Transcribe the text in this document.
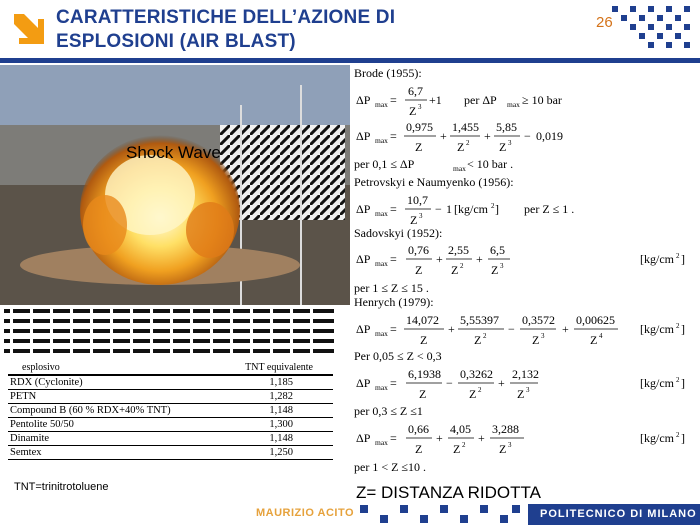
CARATTERISTICHE DELL’AZIONE DI
ESPLOSIONI (AIR BLAST)
26
Shock Wave
esplosivo	TNT equivalente
RDX (Cyclonite)	1,185
PETN	1,282
Compound B (60 % RDX+40% TNT)	1,148
Pentolite 50/50	1,300
Dinamite	1,148
Semtex	1,250
TNT=trinitrotoluene
Brode (1955):
ΔP max =
6,7
Z 3 +1 per ΔP max ≥ 10 bar
ΔP max =
0,975
Z
+
1,455
Z 2 +
5,85
Z 3 − 0,019
per 0,1 ≤ ΔP	max < 10 bar .
Petrovskyi e Naumyenko (1956):
ΔP max =
10,7
Z 3 − 1 [kg/cm 2 ] per Z ≤ 1 .
Sadovskyi (1952):
ΔP max =
0,76
Z
+
2,55
Z 2 +
6,5
Z 3	[kg/cm 2 ]
per 1 ≤ Z ≤ 15 .
Henrych (1979):
ΔP max =
14,072
Z
+
5,55397
Z 2 −
0,3572
Z 3 +
0,00625
Z 4	[kg/cm 2 ]
Per 0,05 ≤ Z < 0,3
ΔP max =
6,1938
Z
−
0,3262
Z 2 +
2,132
Z 3	[kg/cm 2 ]
per 0,3 ≤ Z ≤1
ΔP max =
0,66
Z
+
4,05
Z 2 +
3,288
Z 3	[kg/cm 2 ]
per 1 < Z ≤10 .
Z= DISTANZA RIDOTTA
MAURIZIO ACITO	POLITECNICO DI MILANO
